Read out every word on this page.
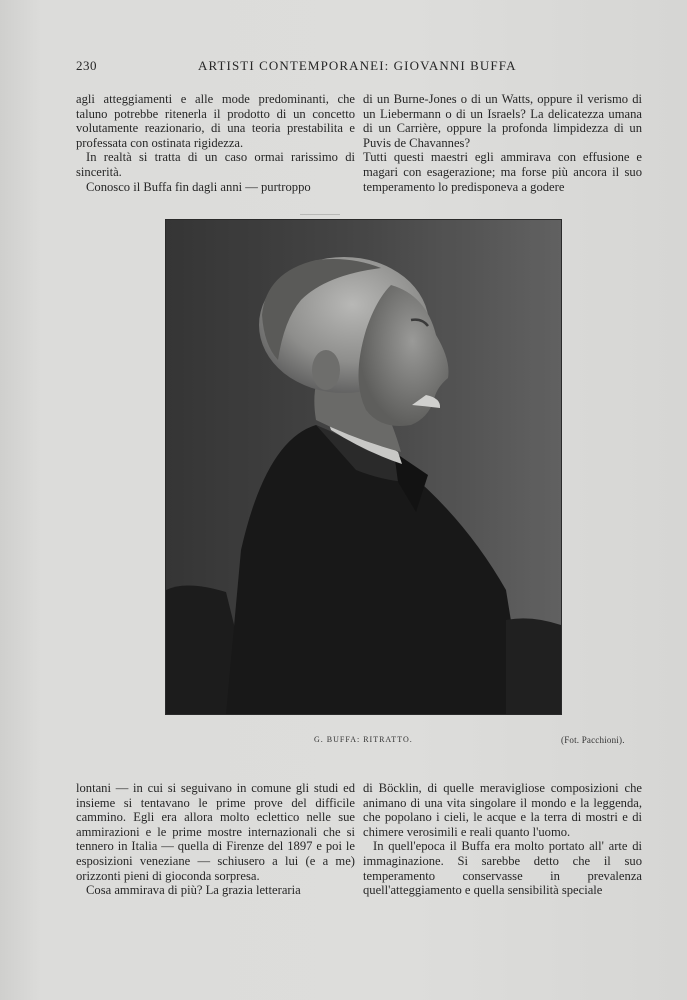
230	ARTISTI CONTEMPORANEI: GIOVANNI BUFFA

agli atteggiamenti e alle mode predominanti, che taluno potrebbe ritenerla il prodotto di un concetto volutamente reazionario, di una teoria prestabilita e professata con ostinata rigidezza.

In realtà si tratta di un caso ormai rarissimo di sincerità.

Conosco il Buffa fin dagli anni — purtroppo

di un Burne-Jones o di un Watts, oppure il verismo di un Liebermann o di un Israels? La delicatezza umana di un Carrière, oppure la profonda limpidezza di un Puvis de Chavannes?

Tutti questi maestri egli ammirava con effusione e magari con esagerazione; ma forse più ancora il suo temperamento lo predisponeva a godere

G. BUFFA: RITRATTO.	(Fot. Pacchioni).

lontani — in cui si seguivano in comune gli studi ed insieme si tentavano le prime prove del difficile cammino. Egli era allora molto eclettico nelle sue ammirazioni e le prime mostre internazionali che si tennero in Italia — quella di Firenze del 1897 e poi le esposizioni veneziane — schiusero a lui (e a me) orizzonti pieni di gioconda sorpresa.

Cosa ammirava di più? La grazia letteraria

di Böcklin, di quelle meravigliose composizioni che animano di una vita singolare il mondo e la leggenda, che popolano i cieli, le acque e la terra di mostri e di chimere verosimili e reali quanto l'uomo.

In quell'epoca il Buffa era molto portato all' arte di immaginazione. Si sarebbe detto che il suo temperamento conservasse in prevalenza quell'atteggiamento e quella sensibilità speciale
